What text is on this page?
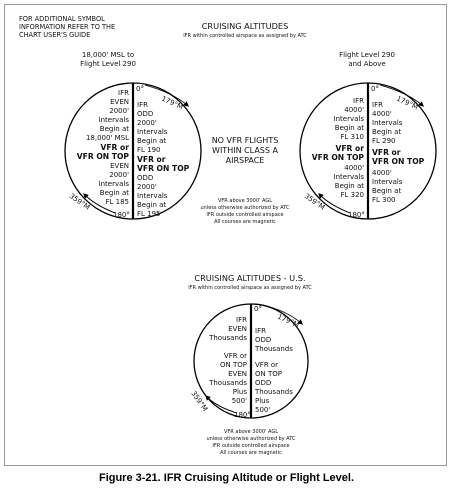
FOR ADDITIONAL SYMBOL
INFORMATION REFER TO THE
CHART USER'S GUIDE
CRUISING ALTITUDES
IFR within controlled airspace as assigned by ATC
18,000' MSL to
Flight Level 290
Flight Level 290
and Above
0°
179°M
359°M
180°
IFR
EVEN
2000'
Intervals
Begin at
18,000' MSL
VFR or
VFR ON TOP
EVEN
2000'
Intervals
Begin at
FL 185
IFR
ODD
2000'
Intervals
Begin at
FL 190
VFR or
VFR ON TOP
ODD
2000'
Intervals
Begin at
FL 195
NO VFR FLIGHTS
WITHIN CLASS A
AIRSPACE
VFR above 3000' AGL
unless otherwise authorized by ATC
IFR outside controlled airspace
All courses are magnetic
0°
179°M
359°M
180°
IFR
4000'
Intervals
Begin at
FL 310
VFR or
VFR ON TOP
4000'
Intervals
Begin at
FL 320
IFR
4000'
Intervals
Begin at
FL 290
VFR or
VFR ON TOP
4000'
Intervals
Begin at
FL 300
CRUISING ALTITUDES - U.S.
IFR within controlled airspace as assigned by ATC
0°
179°M
359°M
180°
IFR
EVEN
Thousands
VFR or
ON TOP
EVEN
Thousands
Plus
500'
IFR
ODD
Thousands
VFR or
ON TOP
ODD
Thousands
Plus
500'
VFR above 3000' AGL
unless otherwise authorized by ATC
IFR outside controlled airspace
All courses are magnetic
Figure 3-21. IFR Cruising Altitude or Flight Level.
